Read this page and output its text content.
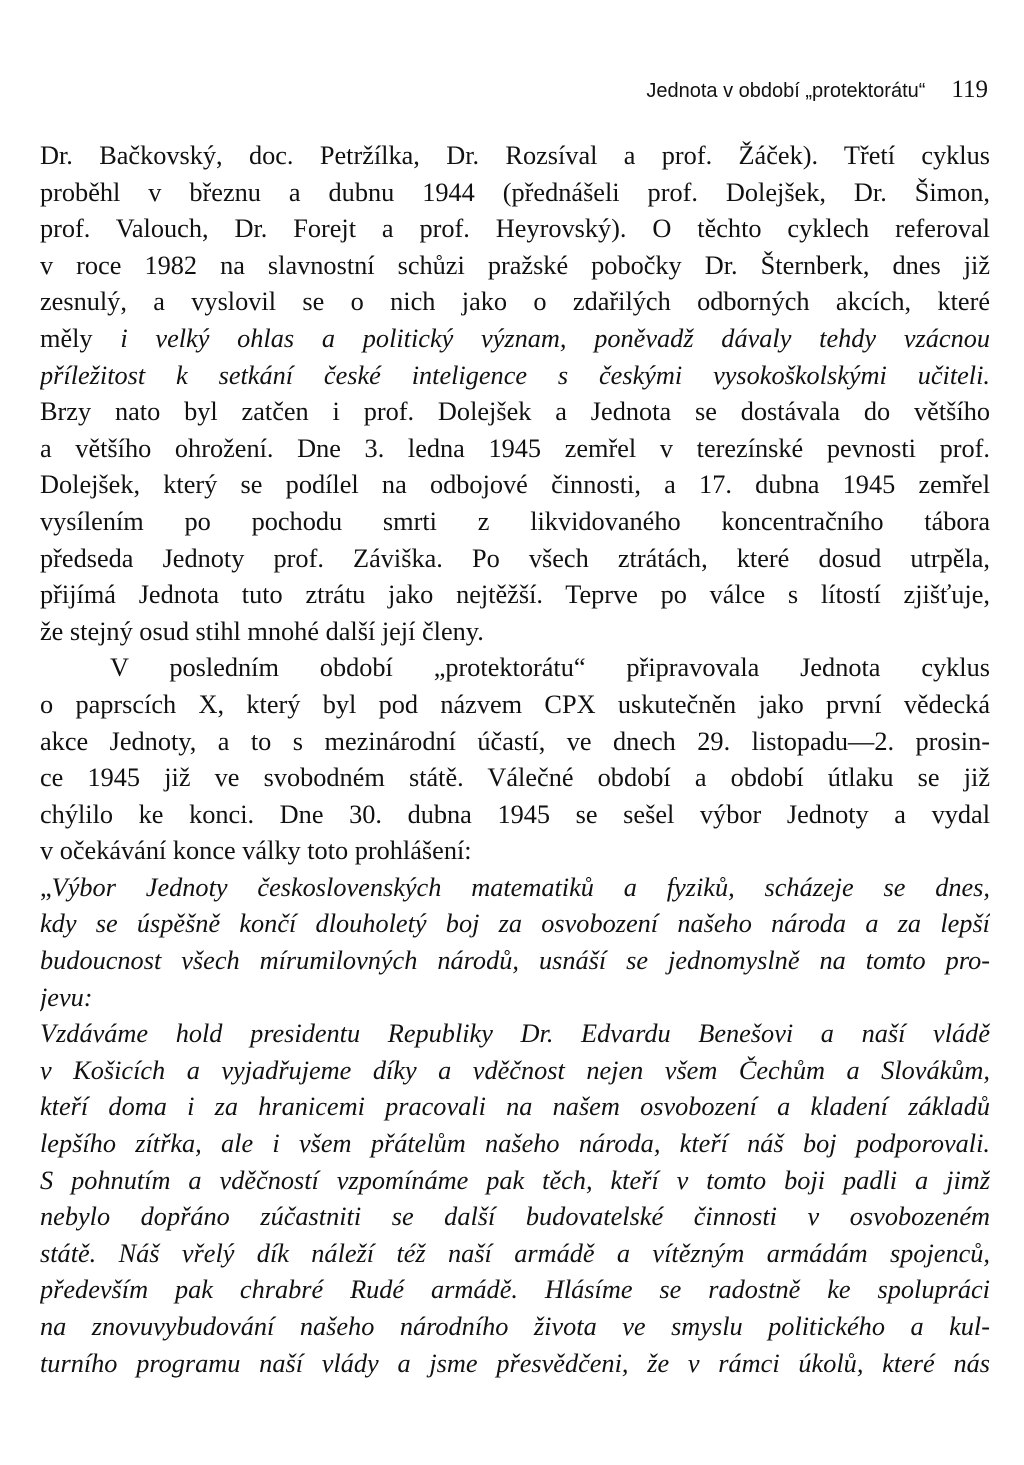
Jednota v období „protektorátu“ 119
Dr. Bačkovský, doc. Petržílka, Dr. Rozsíval a prof. Žáček). Třetí cyklus
proběhl v březnu a dubnu 1944 (přednášeli prof. Dolejšek, Dr. Šimon,
prof. Valouch, Dr. Forejt a prof. Heyrovský). O těchto cyklech referoval
v roce 1982 na slavnostní schůzi pražské pobočky Dr. Šternberk, dnes již
zesnulý, a vyslovil se o nich jako o zdařilých odborných akcích, které
měly i velký ohlas a politický význam, poněvadž dávaly tehdy vzácnou
příležitost k setkání české inteligence s českými vysokoškolskými učiteli.
Brzy nato byl zatčen i prof. Dolejšek a Jednota se dostávala do většího
a většího ohrožení. Dne 3. ledna 1945 zemřel v terezínské pevnosti prof.
Dolejšek, který se podílel na odbojové činnosti, a 17. dubna 1945 zemřel
vysílením po pochodu smrti z likvidovaného koncentračního tábora
předseda Jednoty prof. Záviška. Po všech ztrátách, které dosud utrpěla,
přijímá Jednota tuto ztrátu jako nejtěžší. Teprve po válce s lítostí zjišťuje,
že stejný osud stihl mnohé další její členy.
V posledním období „protektorátu“ připravovala Jednota cyklus
o paprscích X, který byl pod názvem CPX uskutečněn jako první vědecká
akce Jednoty, a to s mezinárodní účastí, ve dnech 29. listopadu—2. prosin-
ce 1945 již ve svobodném státě. Válečné období a období útlaku se již
chýlilo ke konci. Dne 30. dubna 1945 se sešel výbor Jednoty a vydal
v očekávání konce války toto prohlášení:
„Výbor Jednoty československých matematiků a fyziků, scházeje se dnes,
kdy se úspěšně končí dlouholetý boj za osvobození našeho národa a za lepší
budoucnost všech mírumilovných národů, usnáší se jednomyslně na tomto pro-
jevu:
Vzdáváme hold presidentu Republiky Dr. Edvardu Benešovi a naší vládě
v Košicích a vyjadřujeme díky a vděčnost nejen všem Čechům a Slovákům,
kteří doma i za hranicemi pracovali na našem osvobození a kladení základů
lepšího zítřka, ale i všem přátelům našeho národa, kteří náš boj podporovali.
S pohnutím a vděčností vzpomínáme pak těch, kteří v tomto boji padli a jimž
nebylo dopřáno zúčastniti se další budovatelské činnosti v osvobozeném
státě. Náš vřelý dík náleží též naší armádě a vítězným armádám spojenců,
především pak chrabré Rudé armádě. Hlásíme se radostně ke spolupráci
na znovuvybudování našeho národního života ve smyslu politického a kul-
turního programu naší vlády a jsme přesvědčeni, že v rámci úkolů, které nás
